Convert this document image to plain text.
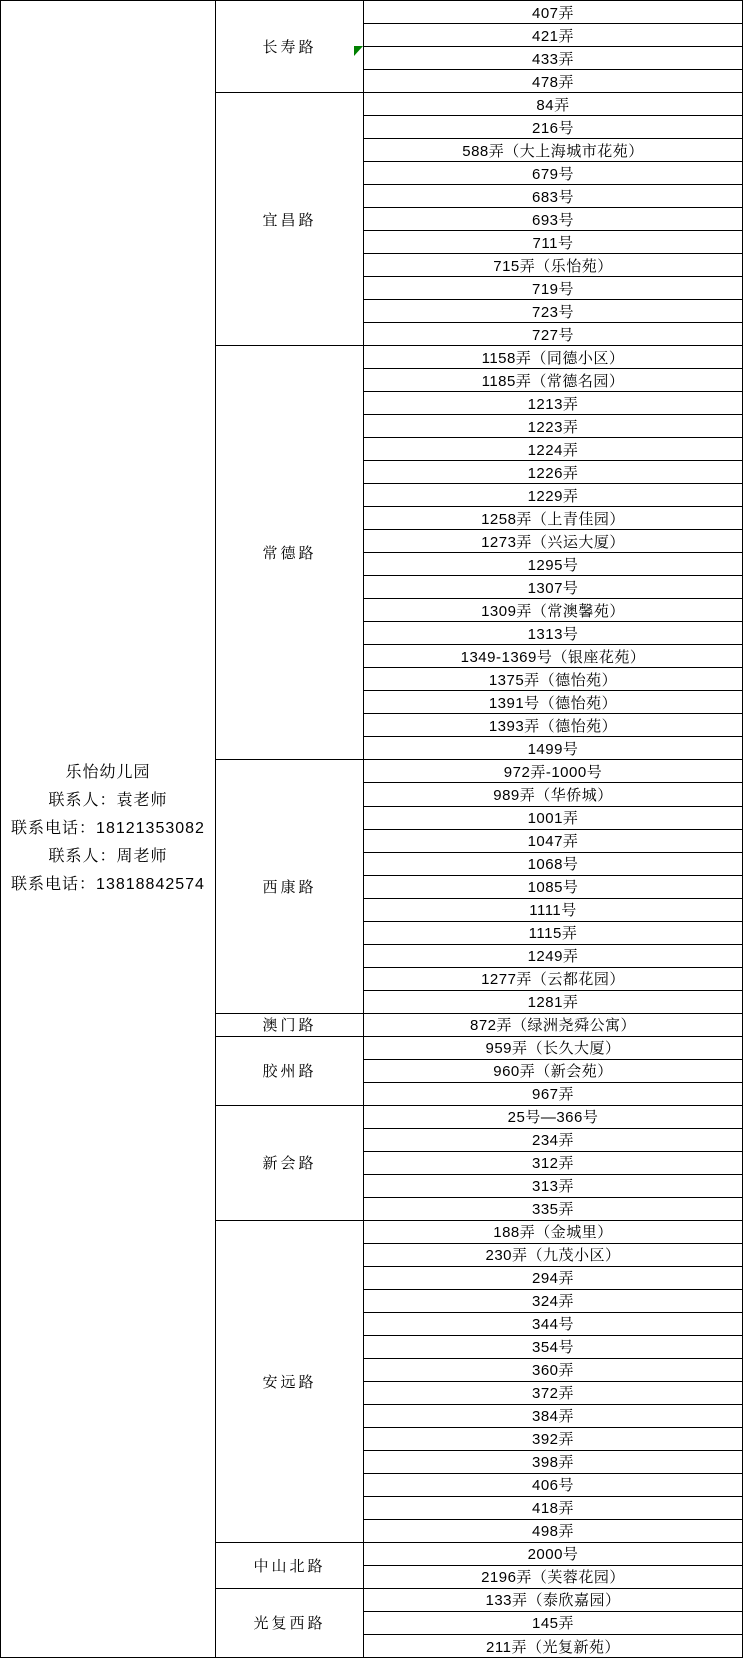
乐怡幼儿园
联系人：袁老师
联系电话：18121353082
联系人：周老师
联系电话：13818842574
长寿路
407弄
421弄
433弄
478弄
宜昌路
84弄
216号
588弄（大上海城市花苑）
679号
683号
693号
711号
715弄（乐怡苑）
719号
723号
727号
常德路
1158弄（同德小区）
1185弄（常德名园）
1213弄
1223弄
1224弄
1226弄
1229弄
1258弄（上青佳园）
1273弄（兴运大厦）
1295号
1307号
1309弄（常澳馨苑）
1313号
1349-1369号（银座花苑）
1375弄（德怡苑）
1391号（德怡苑）
1393弄（德怡苑）
1499号
西康路
972弄-1000号
989弄（华侨城）
1001弄
1047弄
1068号
1085号
1111号
1115弄
1249弄
1277弄（云都花园）
1281弄
澳门路	872弄（绿洲尧舜公寓）
胶州路
959弄（长久大厦）
960弄（新会苑）
967弄
新会路
25号—366号
234弄
312弄
313弄
335弄
安远路
188弄（金城里）
230弄（九茂小区）
294弄
324弄
344号
354号
360弄
372弄
384弄
392弄
398弄
406号
418弄
498弄
中山北路
2000号
2196弄（芙蓉花园）
光复西路
133弄（泰欣嘉园）
145弄
211弄（光复新苑）
